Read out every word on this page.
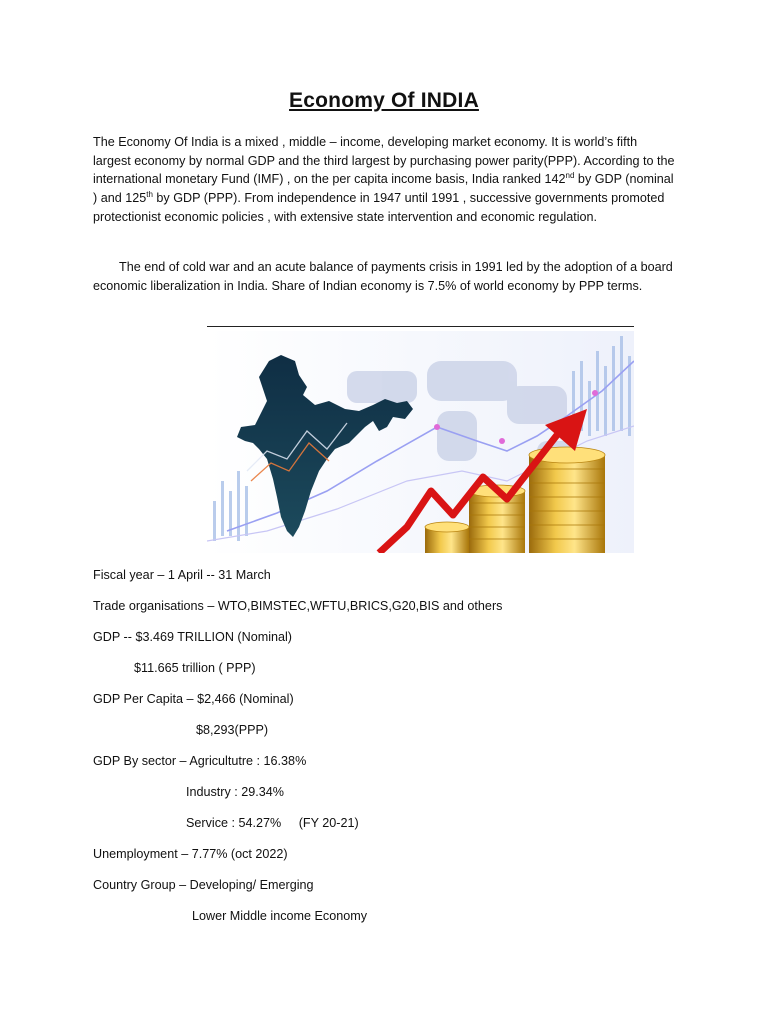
Economy Of INDIA

The Economy Of India is a mixed , middle – income, developing market economy. It is world’s fifth largest economy by normal GDP and the third largest by purchasing power parity(PPP). According to the international monetary Fund (IMF) , on the per capita income basis, India ranked 142nd by GDP (nominal ) and 125th by GDP (PPP). From independence in 1947 until 1991 , successive governments promoted protectionist economic policies , with extensive state intervention and economic regulation.

The end of cold war and an acute balance of payments crisis in 1991 led by the adoption of a board economic liberalization in India. Share of Indian economy is 7.5% of world economy by PPP terms.

Fiscal year – 1 April -- 31 March
Trade organisations – WTO,BIMSTEC,WFTU,BRICS,G20,BIS and others
GDP -- $3.469 TRILLION (Nominal)
$11.665 trillion ( PPP)
GDP Per Capita – $2,466 (Nominal)
$8,293(PPP)
GDP By sector – Agricultutre : 16.38%
Industry : 29.34%
Service : 54.27%     (FY 20-21)
Unemployment – 7.77% (oct 2022)
Country Group – Developing/ Emerging
Lower Middle income Economy
